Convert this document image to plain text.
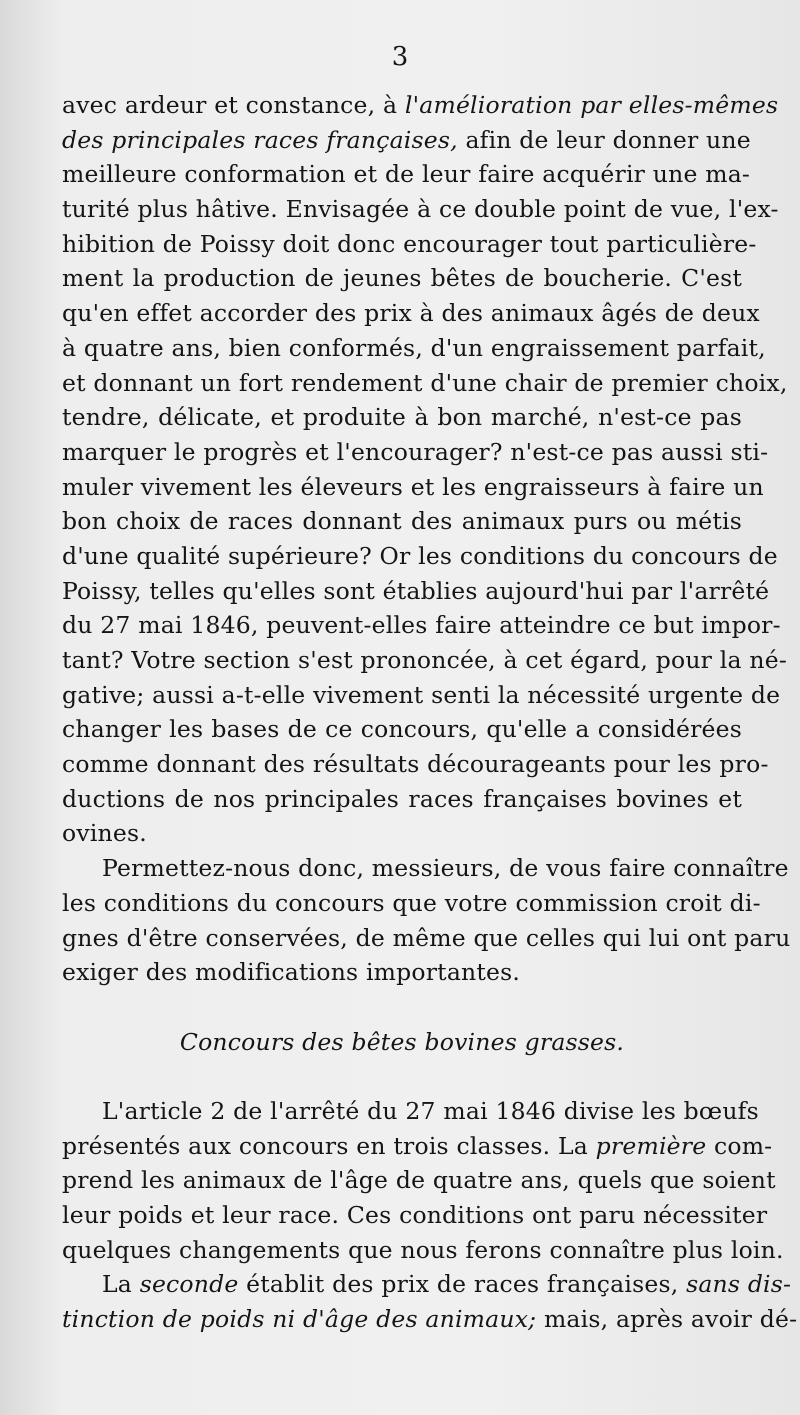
3
avec ardeur et constance, à l'amélioration par elles-mêmes
des principales races françaises, afin de leur donner une
meilleure conformation et de leur faire acquérir une ma-
turité plus hâtive. Envisagée à ce double point de vue, l'ex-
hibition de Poissy doit donc encourager tout particulière-
ment la production de jeunes bêtes de boucherie. C'est
qu'en effet accorder des prix à des animaux âgés de deux
à quatre ans, bien conformés, d'un engraissement parfait,
et donnant un fort rendement d'une chair de premier choix,
tendre, délicate, et produite à bon marché, n'est-ce pas
marquer le progrès et l'encourager? n'est-ce pas aussi sti-
muler vivement les éleveurs et les engraisseurs à faire un
bon choix de races donnant des animaux purs ou métis
d'une qualité supérieure? Or les conditions du concours de
Poissy, telles qu'elles sont établies aujourd'hui par l'arrêté
du 27 mai 1846, peuvent-elles faire atteindre ce but impor-
tant? Votre section s'est prononcée, à cet égard, pour la né-
gative; aussi a-t-elle vivement senti la nécessité urgente de
changer les bases de ce concours, qu'elle a considérées
comme donnant des résultats décourageants pour les pro-
ductions de nos principales races françaises bovines et
ovines.
Permettez-nous donc, messieurs, de vous faire connaître
les conditions du concours que votre commission croit di-
gnes d'être conservées, de même que celles qui lui ont paru
exiger des modifications importantes.
Concours des bêtes bovines grasses.
L'article 2 de l'arrêté du 27 mai 1846 divise les bœufs
présentés aux concours en trois classes. La première com-
prend les animaux de l'âge de quatre ans, quels que soient
leur poids et leur race. Ces conditions ont paru nécessiter
quelques changements que nous ferons connaître plus loin.
La seconde établit des prix de races françaises, sans dis-
tinction de poids ni d'âge des animaux; mais, après avoir dé-
